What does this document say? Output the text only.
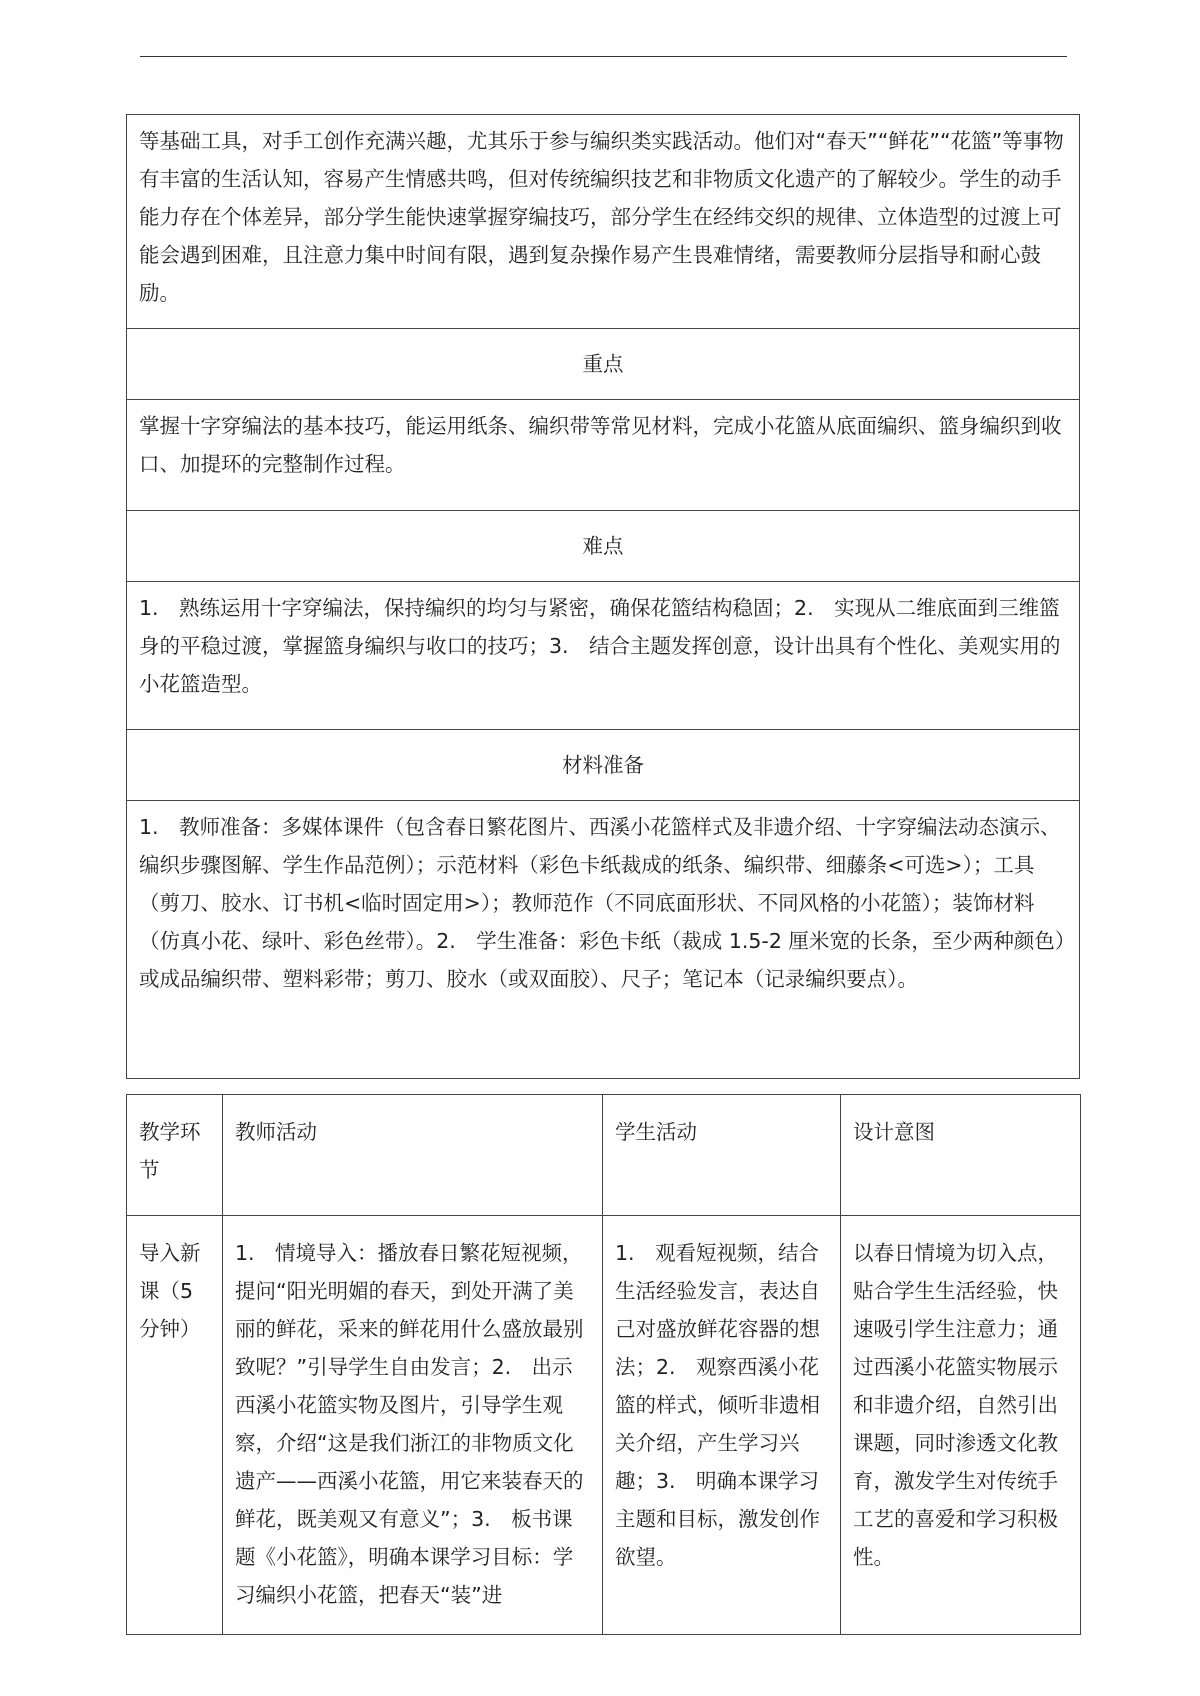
等基础工具，对手工创作充满兴趣，尤其乐于参与编织类实践活动。他们对“春天”“鲜花”“花篮”等事物有丰富的生活认知，容易产生情感共鸣，但对传统编织技艺和非物质文化遗产的了解较少。学生的动手能力存在个体差异，部分学生能快速掌握穿编技巧，部分学生在经纬交织的规律、立体造型的过渡上可能会遇到困难，且注意力集中时间有限，遇到复杂操作易产生畏难情绪，需要教师分层指导和耐心鼓励。
重点
掌握十字穿编法的基本技巧，能运用纸条、编织带等常见材料，完成小花篮从底面编织、篮身编织到收口、加提环的完整制作过程。
难点
1.　熟练运用十字穿编法，保持编织的均匀与紧密，确保花篮结构稳固；2.　实现从二维底面到三维篮身的平稳过渡，掌握篮身编织与收口的技巧；3.　结合主题发挥创意，设计出具有个性化、美观实用的小花篮造型。
材料准备
1.　教师准备：多媒体课件（包含春日繁花图片、西溪小花篮样式及非遗介绍、十字穿编法动态演示、编织步骤图解、学生作品范例）；示范材料（彩色卡纸裁成的纸条、编织带、细藤条<可选>）；工具（剪刀、胶水、订书机<临时固定用>）；教师范作（不同底面形状、不同风格的小花篮）；装饰材料（仿真小花、绿叶、彩色丝带）。2.　学生准备：彩色卡纸（裁成 1.5-2 厘米宽的长条，至少两种颜色）或成品编织带、塑料彩带；剪刀、胶水（或双面胶）、尺子；笔记本（记录编织要点）。
教学环节	教师活动	学生活动	设计意图
导入新课（5分钟）	1.　情境导入：播放春日繁花短视频，提问“阳光明媚的春天，到处开满了美丽的鲜花，采来的鲜花用什么盛放最别致呢？”引导学生自由发言；2.　出示西溪小花篮实物及图片，引导学生观察，介绍“这是我们浙江的非物质文化遗产——西溪小花篮，用它来装春天的鲜花，既美观又有意义”；3.　板书课题《小花篮》，明确本课学习目标：学习编织小花篮，把春天“装”进	1.　观看短视频，结合生活经验发言，表达自己对盛放鲜花容器的想法；2.　观察西溪小花篮的样式，倾听非遗相关介绍，产生学习兴趣；3.　明确本课学习主题和目标，激发创作欲望。	以春日情境为切入点，贴合学生生活经验，快速吸引学生注意力；通过西溪小花篮实物展示和非遗介绍，自然引出课题，同时渗透文化教育，激发学生对传统手工艺的喜爱和学习积极性。
